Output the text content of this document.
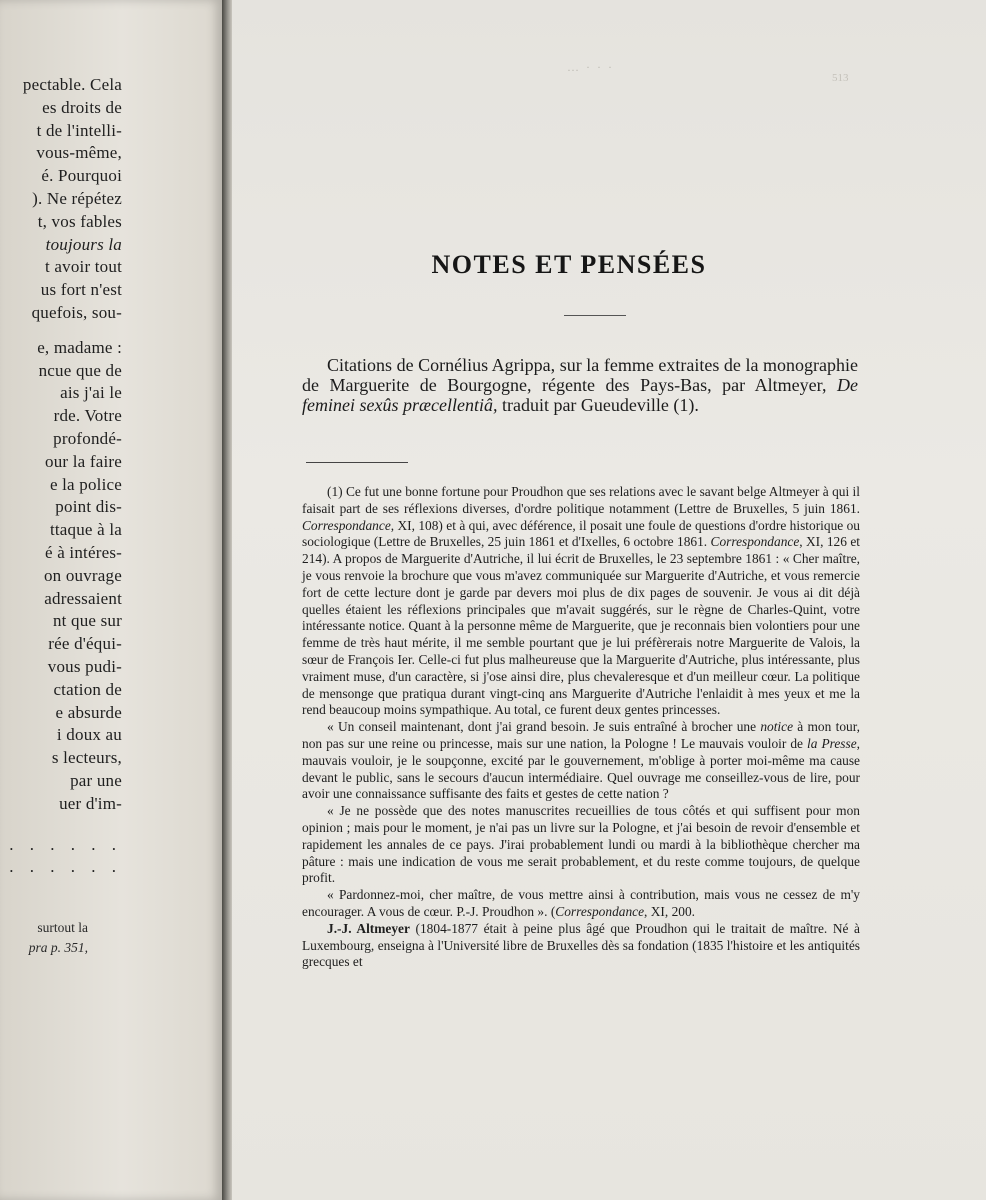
pectable. Cela
es droits de
t de l'intelli-
vous-même,
é. Pourquoi
). Ne répétez
t, vos fables
toujours la
t avoir tout
us fort n'est
quefois, sou-
e, madame :
ncue que de
ais j'ai le
rde. Votre
profondé-
our la faire
e la police
point dis-
ttaque à la
é à intéres-
on ouvrage
adressaient
nt que sur
rée d'équi-
vous pudi-
ctation de
e absurde
i doux au
s lecteurs,
par une
uer d'im-
. . . . . .
. . . . . .
surtout la
pra p. 351,
… · · ·
513
NOTES ET PENSÉES

Citations de Cornélius Agrippa, sur la femme extraites de la monographie de Marguerite de Bourgogne, régente des Pays-Bas, par Altmeyer, De feminei sexûs præcellentiâ, traduit par Gueudeville (1).

(1) Ce fut une bonne fortune pour Proudhon que ses relations avec le savant belge Altmeyer à qui il faisait part de ses réflexions diverses, d'ordre politique notamment (Lettre de Bruxelles, 5 juin 1861. Correspondance, XI, 108) et à qui, avec déférence, il posait une foule de questions d'ordre historique ou sociologique (Lettre de Bruxelles, 25 juin 1861 et d'Ixelles, 6 octobre 1861. Correspondance, XI, 126 et 214). A propos de Marguerite d'Autriche, il lui écrit de Bruxelles, le 23 septembre 1861 : « Cher maître, je vous renvoie la brochure que vous m'avez communiquée sur Marguerite d'Autriche, et vous remercie fort de cette lecture dont je garde par devers moi plus de dix pages de souvenir. Je vous ai dit déjà quelles étaient les réflexions principales que m'avait suggérés, sur le règne de Charles-Quint, votre intéressante notice. Quant à la personne même de Marguerite, que je reconnais bien volontiers pour une femme de très haut mérite, il me semble pourtant que je lui préfèrerais notre Marguerite de Valois, la sœur de François Ier. Celle-ci fut plus malheureuse que la Marguerite d'Autriche, plus intéressante, plus vraiment muse, d'un caractère, si j'ose ainsi dire, plus chevaleresque et d'un meilleur cœur. La politique de mensonge que pratiqua durant vingt-cinq ans Marguerite d'Autriche l'enlaidit à mes yeux et me la rend beaucoup moins sympathique. Au total, ce furent deux gentes princesses.

« Un conseil maintenant, dont j'ai grand besoin. Je suis entraîné à brocher une notice à mon tour, non pas sur une reine ou princesse, mais sur une nation, la Pologne ! Le mauvais vouloir de la Presse, mauvais vouloir, je le soupçonne, excité par le gouvernement, m'oblige à porter moi-même ma cause devant le public, sans le secours d'aucun intermédiaire. Quel ouvrage me conseillez-vous de lire, pour avoir une connaissance suffisante des faits et gestes de cette nation ?

« Je ne possède que des notes manuscrites recueillies de tous côtés et qui suffisent pour mon opinion ; mais pour le moment, je n'ai pas un livre sur la Pologne, et j'ai besoin de revoir d'ensemble et rapidement les annales de ce pays. J'irai probablement lundi ou mardi à la bibliothèque chercher ma pâture : mais une indication de vous me serait probablement, et du reste comme toujours, de quelque profit.

« Pardonnez-moi, cher maître, de vous mettre ainsi à contribution, mais vous ne cessez de m'y encourager. A vous de cœur. P.-J. Proudhon ». (Correspondance, XI, 200.

J.-J. Altmeyer (1804-1877 était à peine plus âgé que Proudhon qui le traitait de maître. Né à Luxembourg, enseigna à l'Université libre de Bruxelles dès sa fondation (1835 l'histoire et les antiquités grecques et
